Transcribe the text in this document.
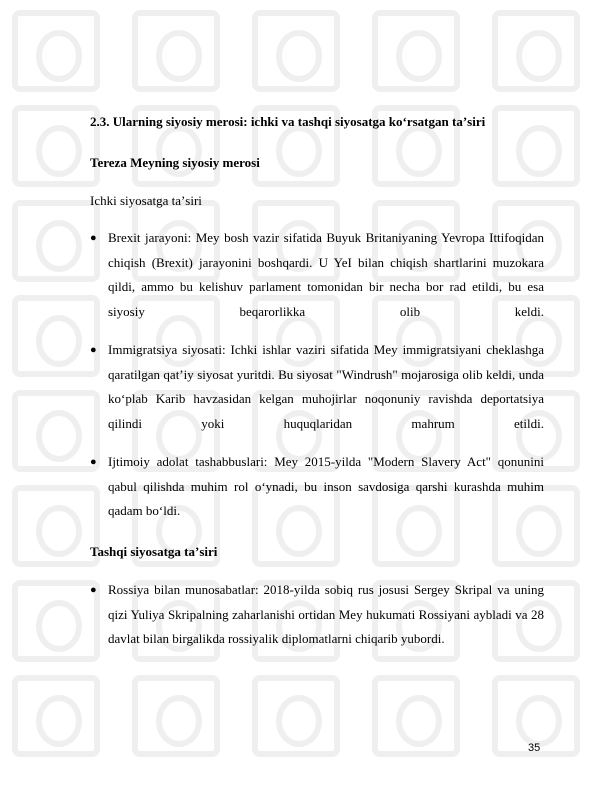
2.3. Ularning siyosiy merosi: ichki va tashqi siyosatga koʻrsatgan taʼsiri
Tereza Meyning siyosiy merosi

Ichki siyosatga taʼsiri

● Brexit jarayoni: Mey bosh vazir sifatida Buyuk Britaniyaning Yevropa Ittifoqidan chiqish (Brexit) jarayonini boshqardi. U YeI bilan chiqish shartlarini muzokara qildi, ammo bu kelishuv parlament tomonidan bir necha bor rad etildi, bu esa siyosiy beqarorlikka olib keldi.
● Immigratsiya siyosati: Ichki ishlar vaziri sifatida Mey immigratsiyani cheklashga qaratilgan qatʼiy siyosat yuritdi. Bu siyosat "Windrush" mojarosiga olib keldi, unda koʻplab Karib havzasidan kelgan muhojirlar noqonuniy ravishda deportatsiya qilindi yoki huquqlaridan mahrum etildi.
● Ijtimoiy adolat tashabbuslari: Mey 2015-yilda "Modern Slavery Act" qonunini qabul qilishda muhim rol oʻynadi, bu inson savdosiga qarshi kurashda muhim qadam boʻldi.
Tashqi siyosatga taʼsiri
● Rossiya bilan munosabatlar: 2018-yilda sobiq rus josusi Sergey Skripal va uning qizi Yuliya Skripalning zaharlanishi ortidan Mey hukumati Rossiyani aybladi va 28 davlat bilan birgalikda rossiyalik diplomatlarni chiqarib yubordi.
35
